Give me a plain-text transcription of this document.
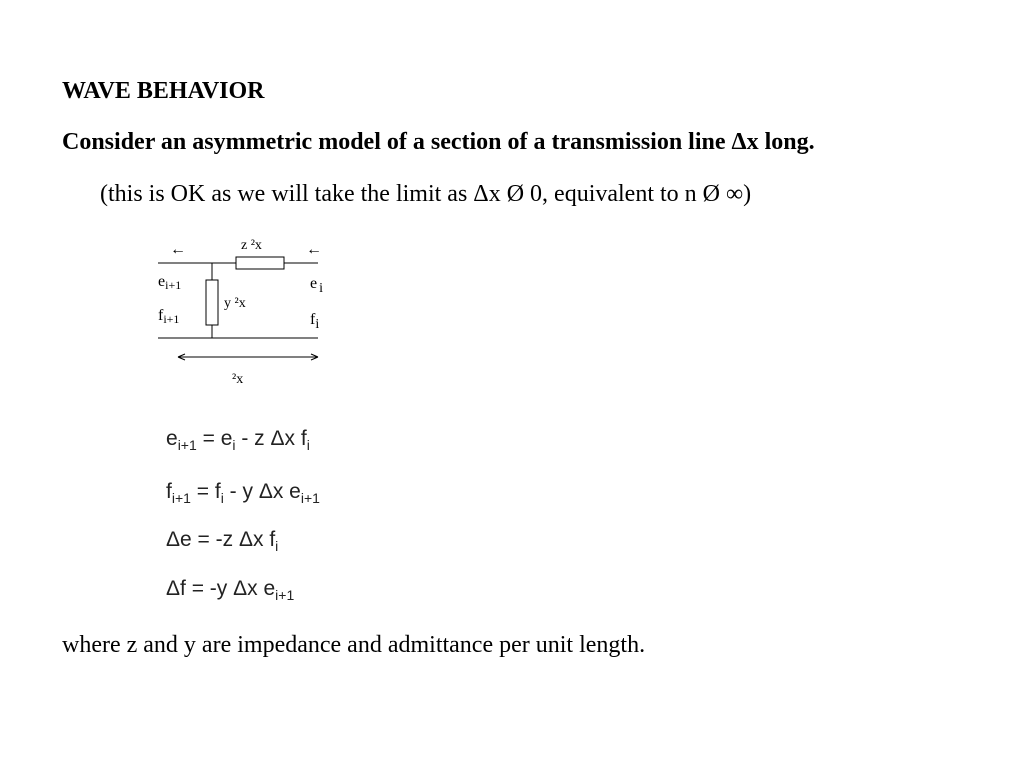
WAVE BEHAVIOR
Consider an asymmetric model of a section of a transmission line Δx long.
(this is OK as we will take the limit as Δx Ø 0, equivalent to n Ø ∞)
←	←
z ²x
y ²x
²x
ei+1
fi+1
e i
fi
$e_{i+1} = e_i - z$ Δx $f_i$
$f_{i+1} = f_i - y$ Δx $e_{i+1}$
Δe = -z Δx $f_i$
Δf = -y Δx $e_{i+1}$
where z and y are impedance and admittance per unit length.
